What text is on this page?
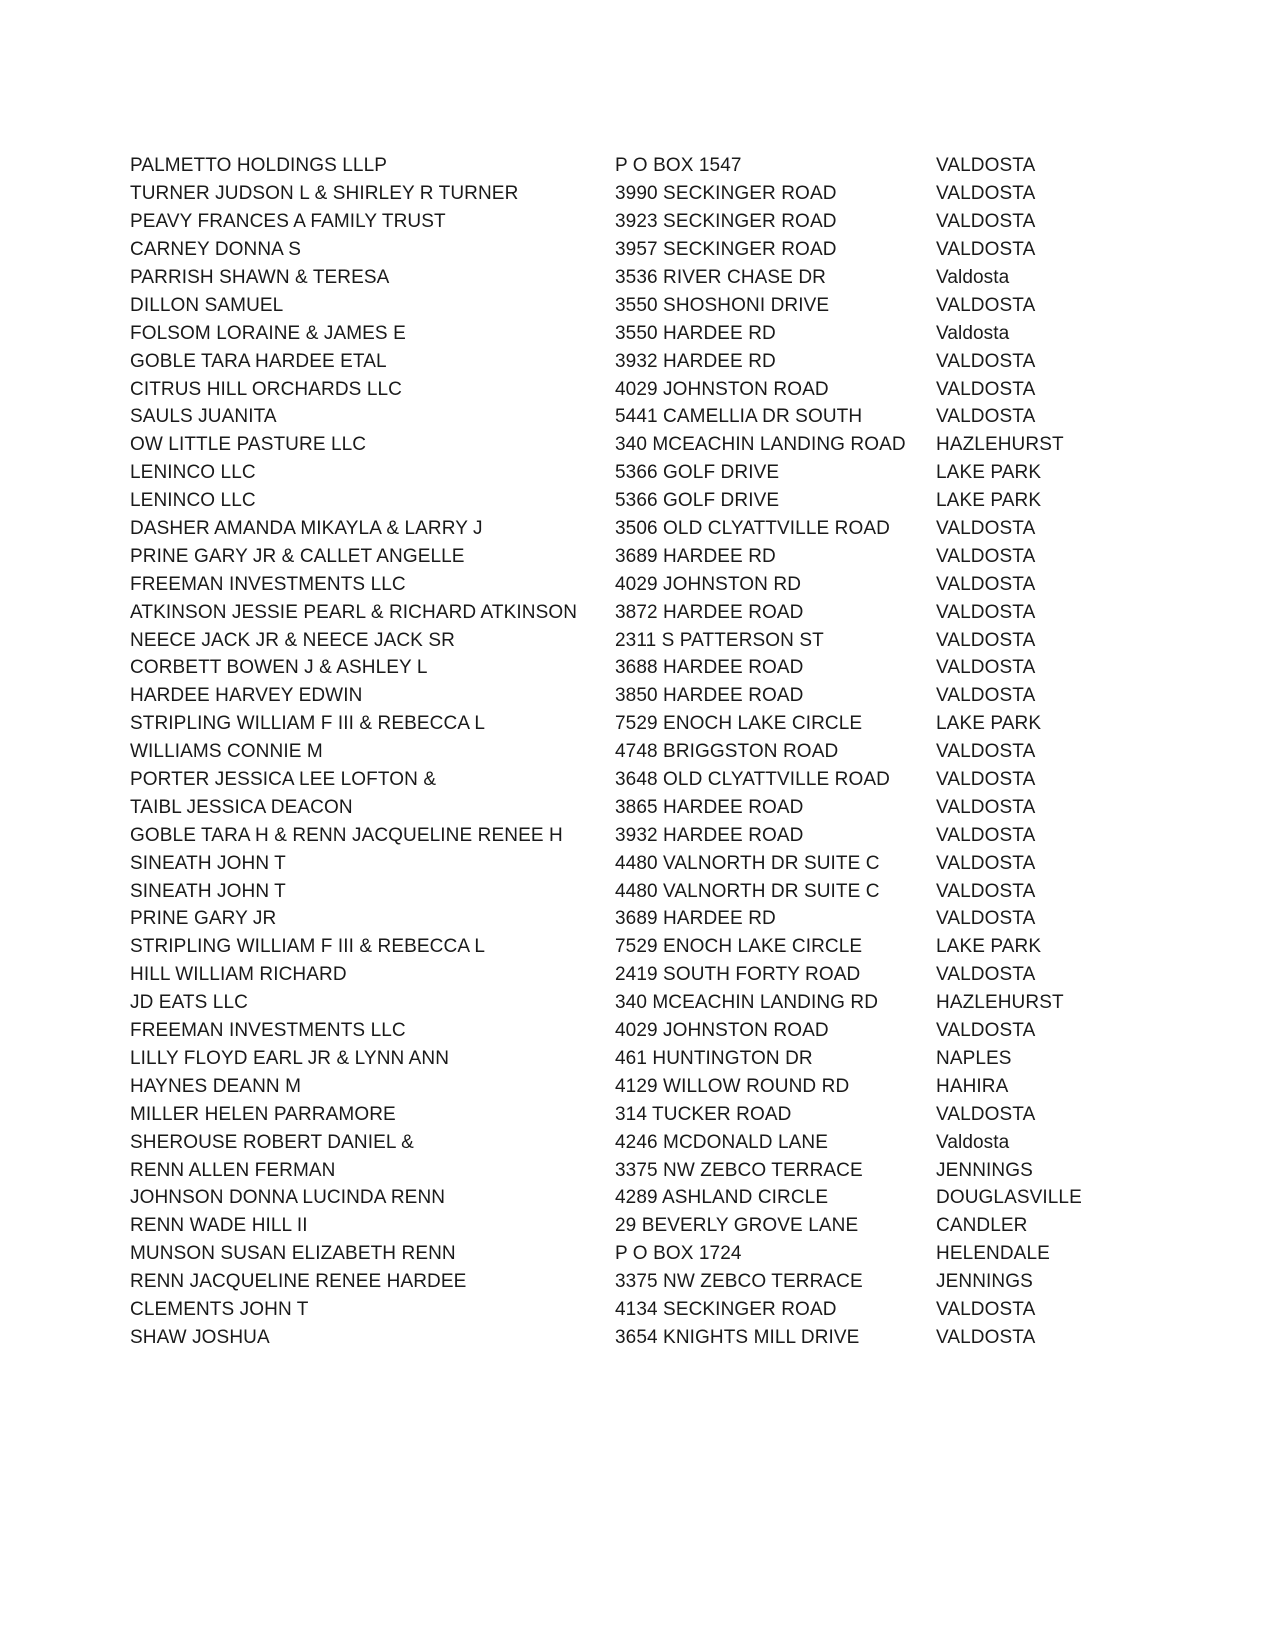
PALMETTO HOLDINGS LLLP	P O BOX 1547	VALDOSTA
TURNER JUDSON L & SHIRLEY R TURNER	3990 SECKINGER ROAD	VALDOSTA
PEAVY FRANCES A FAMILY TRUST	3923 SECKINGER ROAD	VALDOSTA
CARNEY DONNA S	3957 SECKINGER ROAD	VALDOSTA
PARRISH SHAWN & TERESA	3536 RIVER CHASE DR	Valdosta
DILLON SAMUEL	3550 SHOSHONI DRIVE	VALDOSTA
FOLSOM LORAINE & JAMES E	3550 HARDEE RD	Valdosta
GOBLE TARA HARDEE ETAL	3932 HARDEE RD	VALDOSTA
CITRUS HILL ORCHARDS LLC	4029 JOHNSTON ROAD	VALDOSTA
SAULS JUANITA	5441 CAMELLIA DR SOUTH	VALDOSTA
OW LITTLE PASTURE LLC	340 MCEACHIN LANDING ROAD	HAZLEHURST
LENINCO LLC	5366 GOLF DRIVE	LAKE PARK
LENINCO LLC	5366 GOLF DRIVE	LAKE PARK
DASHER AMANDA MIKAYLA & LARRY J	3506 OLD CLYATTVILLE ROAD	VALDOSTA
PRINE GARY JR & CALLET ANGELLE	3689 HARDEE RD	VALDOSTA
FREEMAN INVESTMENTS LLC	4029 JOHNSTON RD	VALDOSTA
ATKINSON JESSIE PEARL & RICHARD ATKINSON	3872 HARDEE ROAD	VALDOSTA
NEECE JACK JR & NEECE JACK SR	2311 S PATTERSON ST	VALDOSTA
CORBETT BOWEN J & ASHLEY L	3688 HARDEE ROAD	VALDOSTA
HARDEE HARVEY EDWIN	3850 HARDEE ROAD	VALDOSTA
STRIPLING WILLIAM F III & REBECCA L	7529 ENOCH LAKE CIRCLE	LAKE PARK
WILLIAMS CONNIE M	4748 BRIGGSTON ROAD	VALDOSTA
PORTER JESSICA LEE LOFTON &	3648 OLD CLYATTVILLE ROAD	VALDOSTA
TAIBL JESSICA DEACON	3865 HARDEE ROAD	VALDOSTA
GOBLE TARA H & RENN JACQUELINE RENEE H	3932 HARDEE ROAD	VALDOSTA
SINEATH JOHN T	4480 VALNORTH DR SUITE C	VALDOSTA
SINEATH JOHN T	4480 VALNORTH DR SUITE C	VALDOSTA
PRINE GARY JR	3689 HARDEE RD	VALDOSTA
STRIPLING WILLIAM F III & REBECCA L	7529 ENOCH LAKE CIRCLE	LAKE PARK
HILL WILLIAM RICHARD	2419 SOUTH FORTY ROAD	VALDOSTA
JD EATS LLC	340 MCEACHIN LANDING RD	HAZLEHURST
FREEMAN INVESTMENTS LLC	4029 JOHNSTON ROAD	VALDOSTA
LILLY FLOYD EARL JR & LYNN ANN	461 HUNTINGTON DR	NAPLES
HAYNES DEANN M	4129 WILLOW ROUND RD	HAHIRA
MILLER HELEN PARRAMORE	314 TUCKER ROAD	VALDOSTA
SHEROUSE ROBERT DANIEL &	4246 MCDONALD LANE	Valdosta
RENN ALLEN FERMAN	3375 NW ZEBCO TERRACE	JENNINGS
JOHNSON DONNA LUCINDA RENN	4289 ASHLAND CIRCLE	DOUGLASVILLE
RENN WADE HILL II	29 BEVERLY GROVE LANE	CANDLER
MUNSON SUSAN ELIZABETH RENN	P O BOX 1724	HELENDALE
RENN JACQUELINE RENEE HARDEE	3375 NW ZEBCO TERRACE	JENNINGS
CLEMENTS JOHN T	4134 SECKINGER ROAD	VALDOSTA
SHAW JOSHUA	3654 KNIGHTS MILL DRIVE	VALDOSTA
